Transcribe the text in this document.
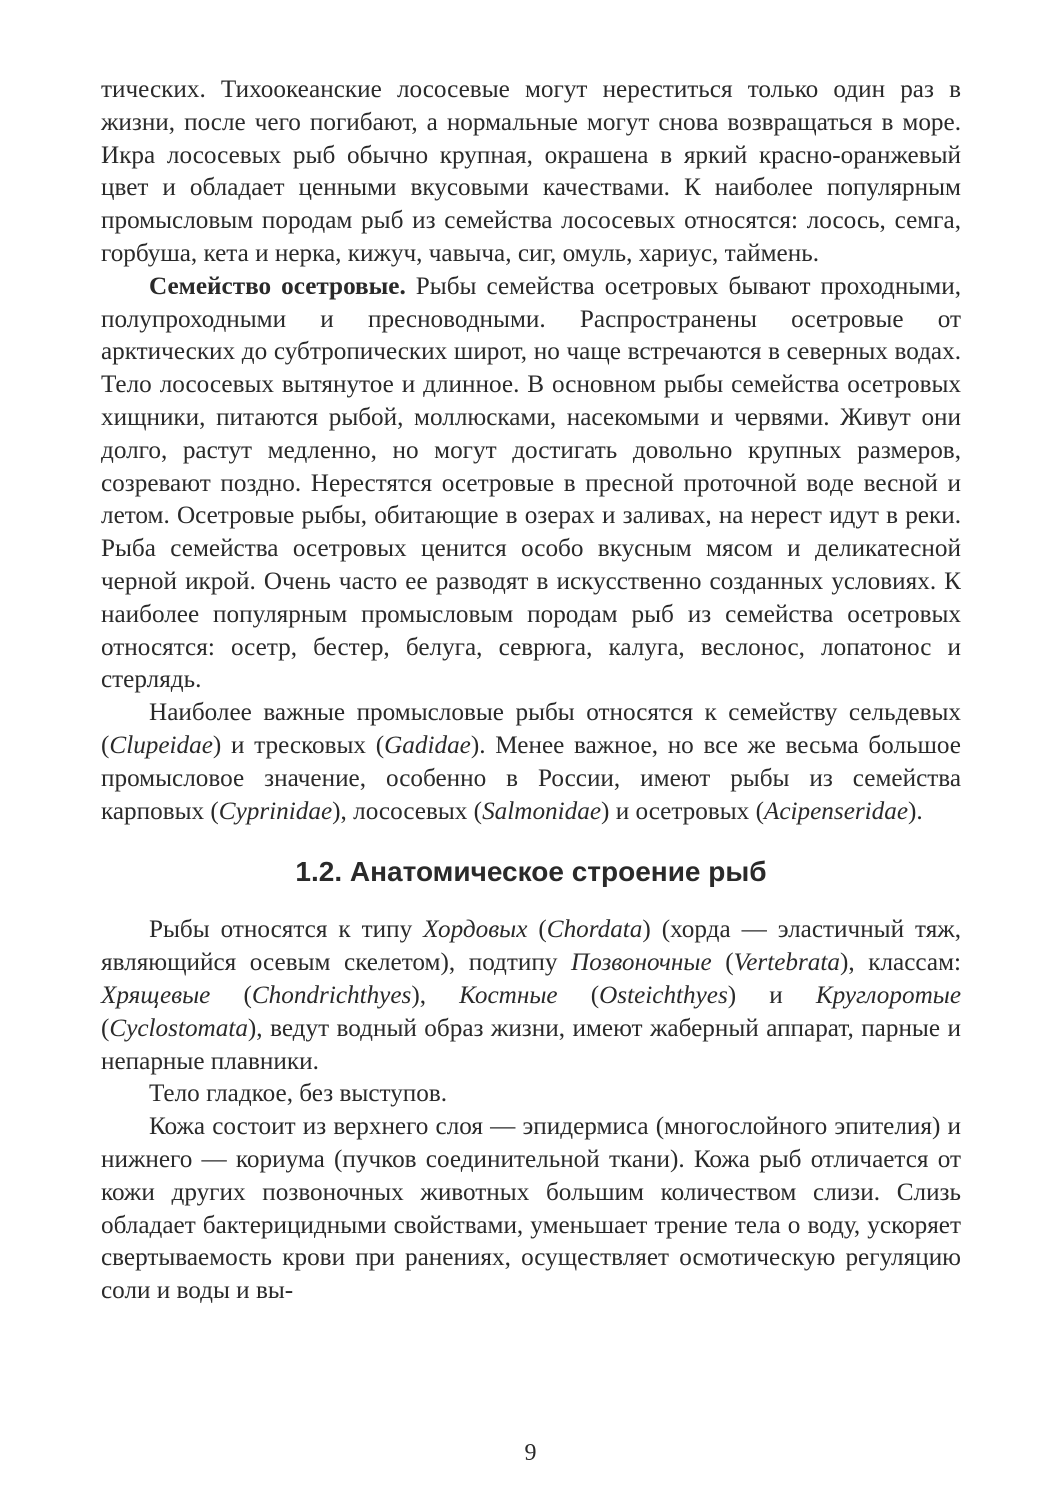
тических. Тихоокеанские лососевые могут нереститься только один раз в жизни, после чего погибают, а нормальные могут снова возвращаться в море. Икра лососевых рыб обычно крупная, окрашена в яркий красно-оранжевый цвет и обладает ценными вкусовыми качествами. К наиболее популярным промысловым породам рыб из семейства лососевых относятся: лосось, семга, горбуша, кета и нерка, кижуч, чавыча, сиг, омуль, хариус, таймень.

Семейство осетровые. Рыбы семейства осетровых бывают проходными, полупроходными и пресноводными. Распространены осетровые от арктических до субтропических широт, но чаще встречаются в северных водах. Тело лососевых вытянутое и длинное. В основном рыбы семейства осетровых хищники, питаются рыбой, моллюсками, насекомыми и червями. Живут они долго, растут медленно, но могут достигать довольно крупных размеров, созревают поздно. Нерестятся осетровые в пресной проточной воде весной и летом. Осетровые рыбы, обитающие в озерах и заливах, на нерест идут в реки. Рыба семейства осетровых ценится особо вкусным мясом и деликатесной черной икрой. Очень часто ее разводят в искусственно созданных условиях. К наиболее популярным промысловым породам рыб из семейства осетровых относятся: осетр, бестер, белуга, севрюга, калуга, веслонос, лопатонос и стерлядь.

Наиболее важные промысловые рыбы относятся к семейству сельдевых (Clupeidae) и тресковых (Gadidae). Менее важное, но все же весьма большое промысловое значение, особенно в России, имеют рыбы из семейства карповых (Cyprinidae), лососевых (Salmonidae) и осетровых (Acipenseridae).

1.2. Анатомическое строение рыб

Рыбы относятся к типу Хордовых (Chordata) (хорда — эластичный тяж, являющийся осевым скелетом), подтипу Позвоночные (Vertebrata), классам: Хрящевые (Chondrichthyes), Костные (Osteichthyes) и Круглоротые (Cyclostomata), ведут водный образ жизни, имеют жаберный аппарат, парные и непарные плавники.

Тело гладкое, без выступов.

Кожа состоит из верхнего слоя — эпидермиса (многослойного эпителия) и нижнего — кориума (пучков соединительной ткани). Кожа рыб отличается от кожи других позвоночных животных большим количеством слизи. Слизь обладает бактерицидными свойствами, уменьшает трение тела о воду, ускоряет свертываемость крови при ранениях, осуществляет осмотическую регуляцию соли и воды и вы-

9
